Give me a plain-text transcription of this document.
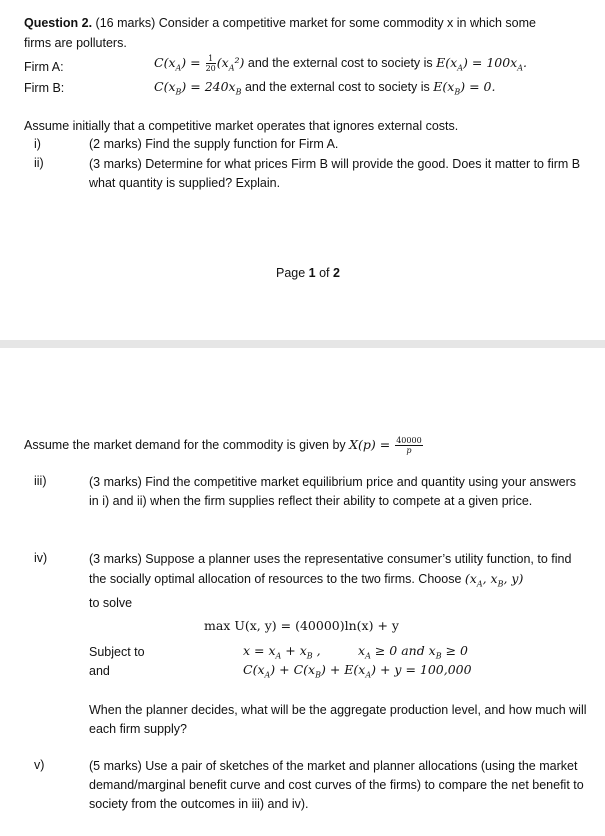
Question 2. (16 marks) Consider a competitive market for some commodity x in which some
firms are polluters.
Firm A:	$C(x_A) = \frac{1}{20} (x_A^2)$ and the external cost to society is $E(x_A) = 100x_A$.
Firm B:	$C(x_B) = 240x_B$ and the external cost to society is $E(x_B) = 0$.
Assume initially that a competitive market operates that ignores external costs.
i)	(2 marks) Find the supply function for Firm A.
ii)	(3 marks) Determine for what prices Firm B will provide the good. Does it matter to firm B what quantity is supplied? Explain.
Page 1 of 2
Assume the market demand for the commodity is given by $X(p) = \frac{40000}{p}$
iii)	(3 marks) Find the competitive market equilibrium price and quantity using your answers in i) and ii) when the firm supplies reflect their ability to compete at a given price.
iv)	(3 marks) Suppose a planner uses the representative consumer’s utility function, to find the socially optimal allocation of resources to the two firms. Choose ($x_A$, $x_B$, y)
to solve
max U(x, y) = (40000)ln(x) + y
Subject to	$x = x_A + x_B$ ,	$x_A \ge 0$ and $x_B \ge 0$
and	$C(x_A) + C(x_B) + E(x_A) + y = 100,000$
When the planner decides, what will be the aggregate production level, and how much will each firm supply?
v)	(5 marks) Use a pair of sketches of the market and planner allocations (using the market demand/marginal benefit curve and cost curves of the firms) to compare the net benefit to society from the outcomes in iii) and iv).
